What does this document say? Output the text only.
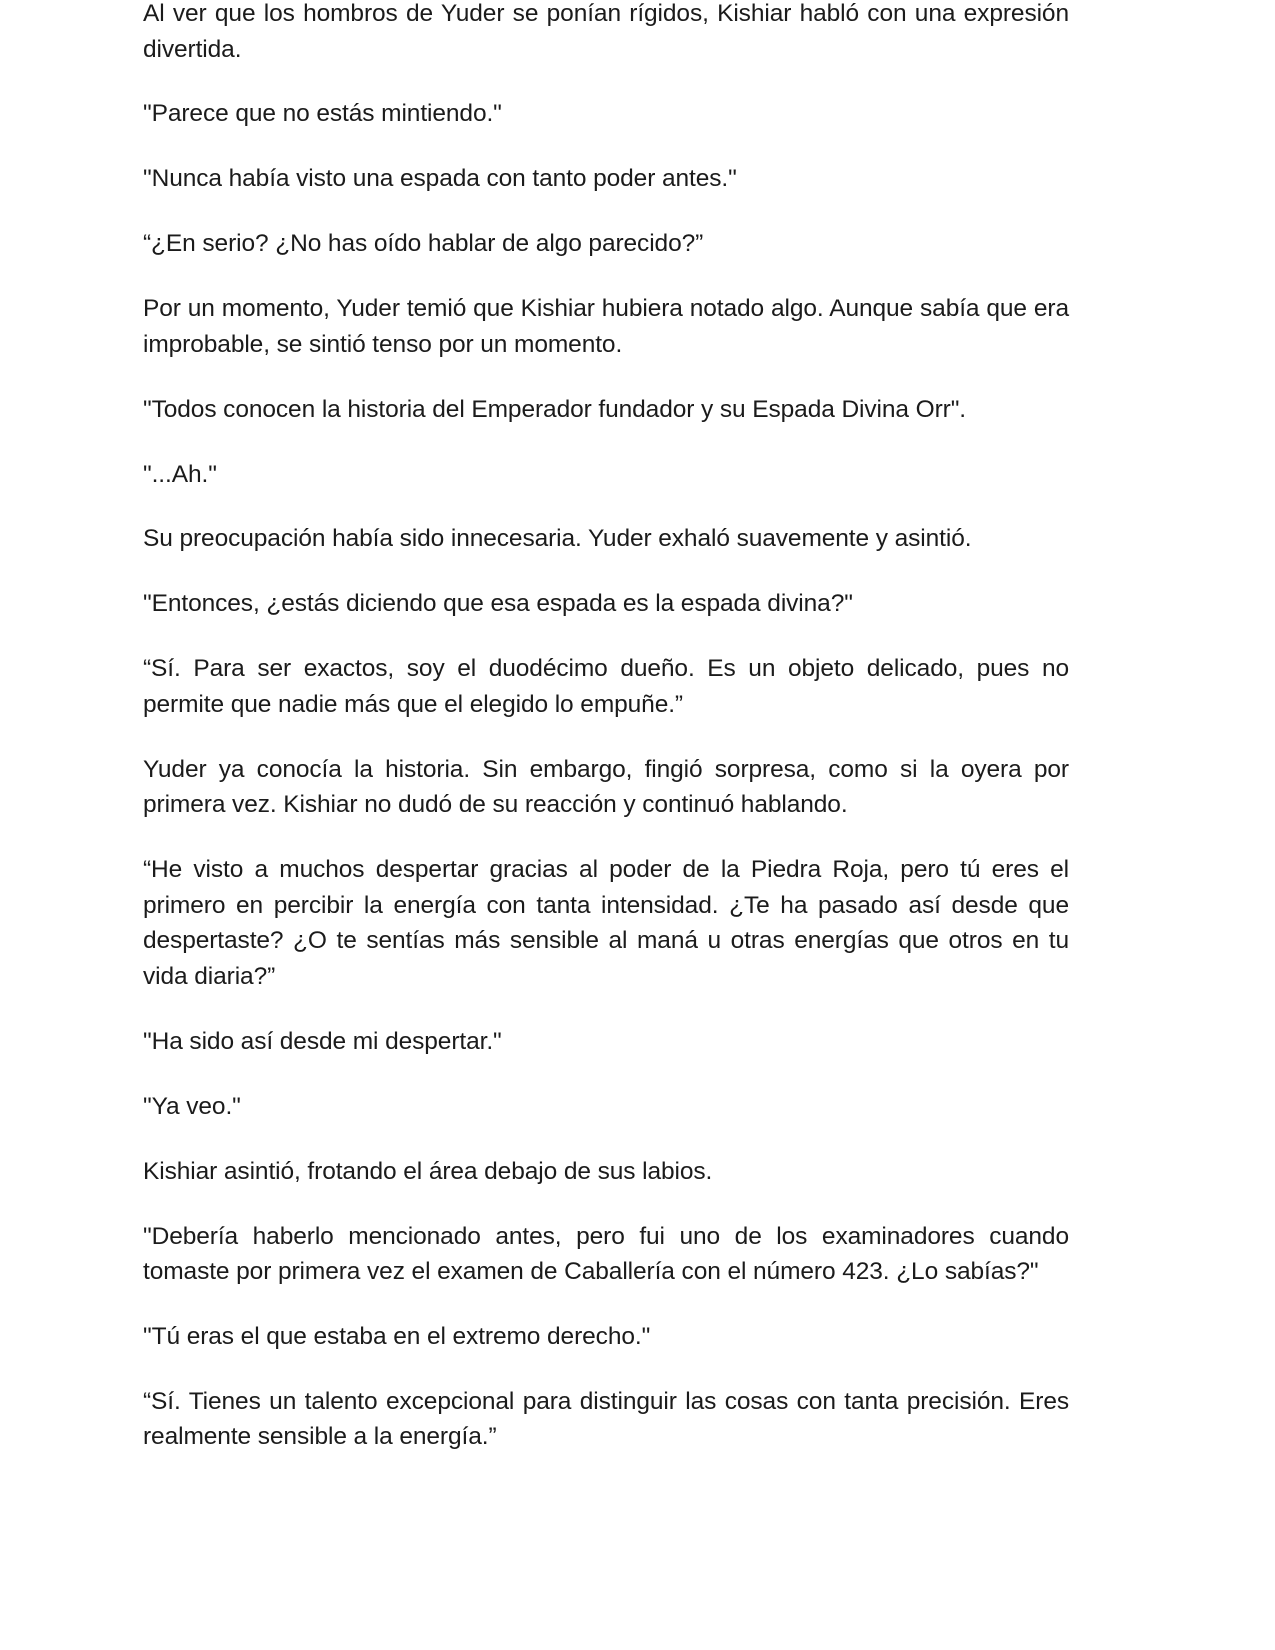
Al ver que los hombros de Yuder se ponían rígidos, Kishiar habló con una expresión divertida.

"Parece que no estás mintiendo."

"Nunca había visto una espada con tanto poder antes."

“¿En serio? ¿No has oído hablar de algo parecido?”

Por un momento, Yuder temió que Kishiar hubiera notado algo. Aunque sabía que era improbable, se sintió tenso por un momento.

"Todos conocen la historia del Emperador fundador y su Espada Divina Orr".

"...Ah."

Su preocupación había sido innecesaria. Yuder exhaló suavemente y asintió.

"Entonces, ¿estás diciendo que esa espada es la espada divina?"

“Sí. Para ser exactos, soy el duodécimo dueño. Es un objeto delicado, pues no permite que nadie más que el elegido lo empuñe.”

Yuder ya conocía la historia. Sin embargo, fingió sorpresa, como si la oyera por primera vez. Kishiar no dudó de su reacción y continuó hablando.

“He visto a muchos despertar gracias al poder de la Piedra Roja, pero tú eres el primero en percibir la energía con tanta intensidad. ¿Te ha pasado así desde que despertaste? ¿O te sentías más sensible al maná u otras energías que otros en tu vida diaria?”

"Ha sido así desde mi despertar."

"Ya veo."

Kishiar asintió, frotando el área debajo de sus labios.

"Debería haberlo mencionado antes, pero fui uno de los examinadores cuando tomaste por primera vez el examen de Caballería con el número 423. ¿Lo sabías?"

"Tú eras el que estaba en el extremo derecho."

“Sí. Tienes un talento excepcional para distinguir las cosas con tanta precisión. Eres realmente sensible a la energía.”
